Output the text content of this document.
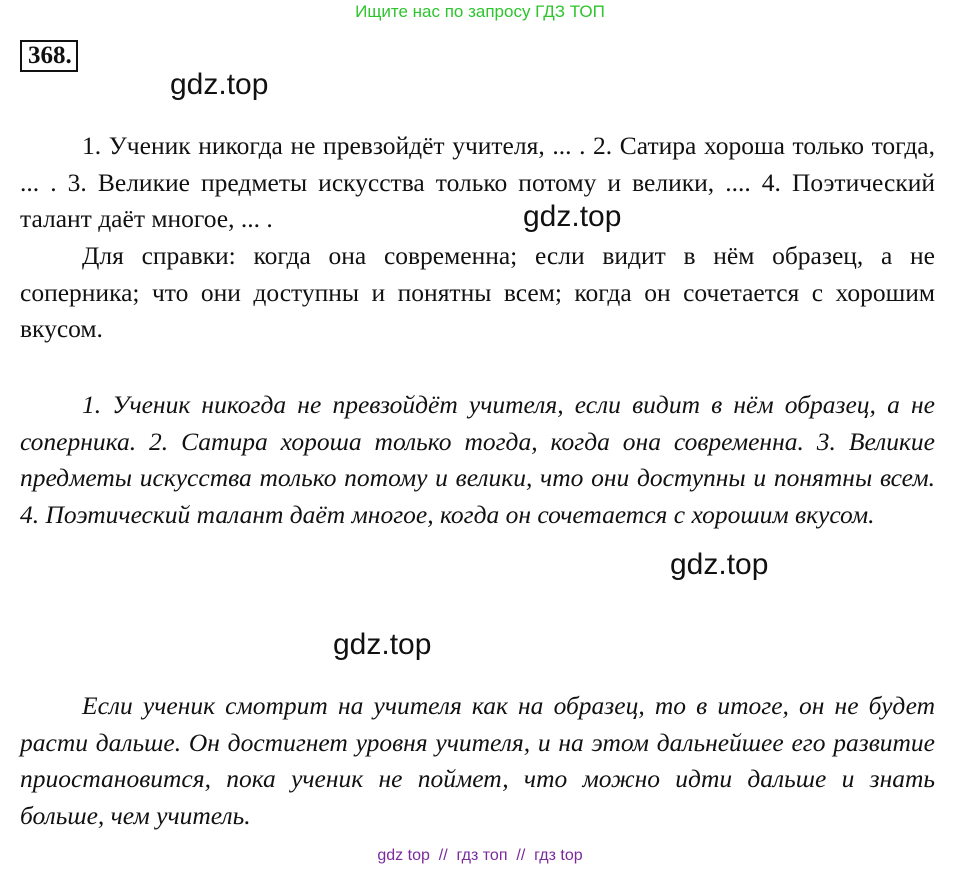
Ищите нас по запросу ГДЗ ТОП
368.
gdz.top

1. Ученик никогда не превзойдёт учителя, ... . 2. Сатира хороша только тогда, ... . 3. Великие предметы искусства только потому и велики, .... 4. Поэтический талант даёт многое, ... .	gdz.top

Для справки: когда она современна; если видит в нём образец, а не соперника; что они доступны и понятны всем; когда он сочетается с хорошим вкусом.

1. Ученик никогда не превзойдёт учителя, если видит в нём образец, а не соперника. 2. Сатира хороша только тогда, когда она современна. 3. Великие предметы искусства только потому и велики, что они доступны и понятны всем. 4. Поэтический талант даёт многое, когда он сочетается с хорошим вкусом.

gdz.top
gdz.top

Если ученик смотрит на учителя как на образец, то в итоге, он не будет расти дальше. Он достигнет уровня учителя, и на этом дальнейшее его развитие приостановится, пока ученик не поймет, что можно идти дальше и знать больше, чем учитель.

gdz top  //  гдз топ  //  гдз top
